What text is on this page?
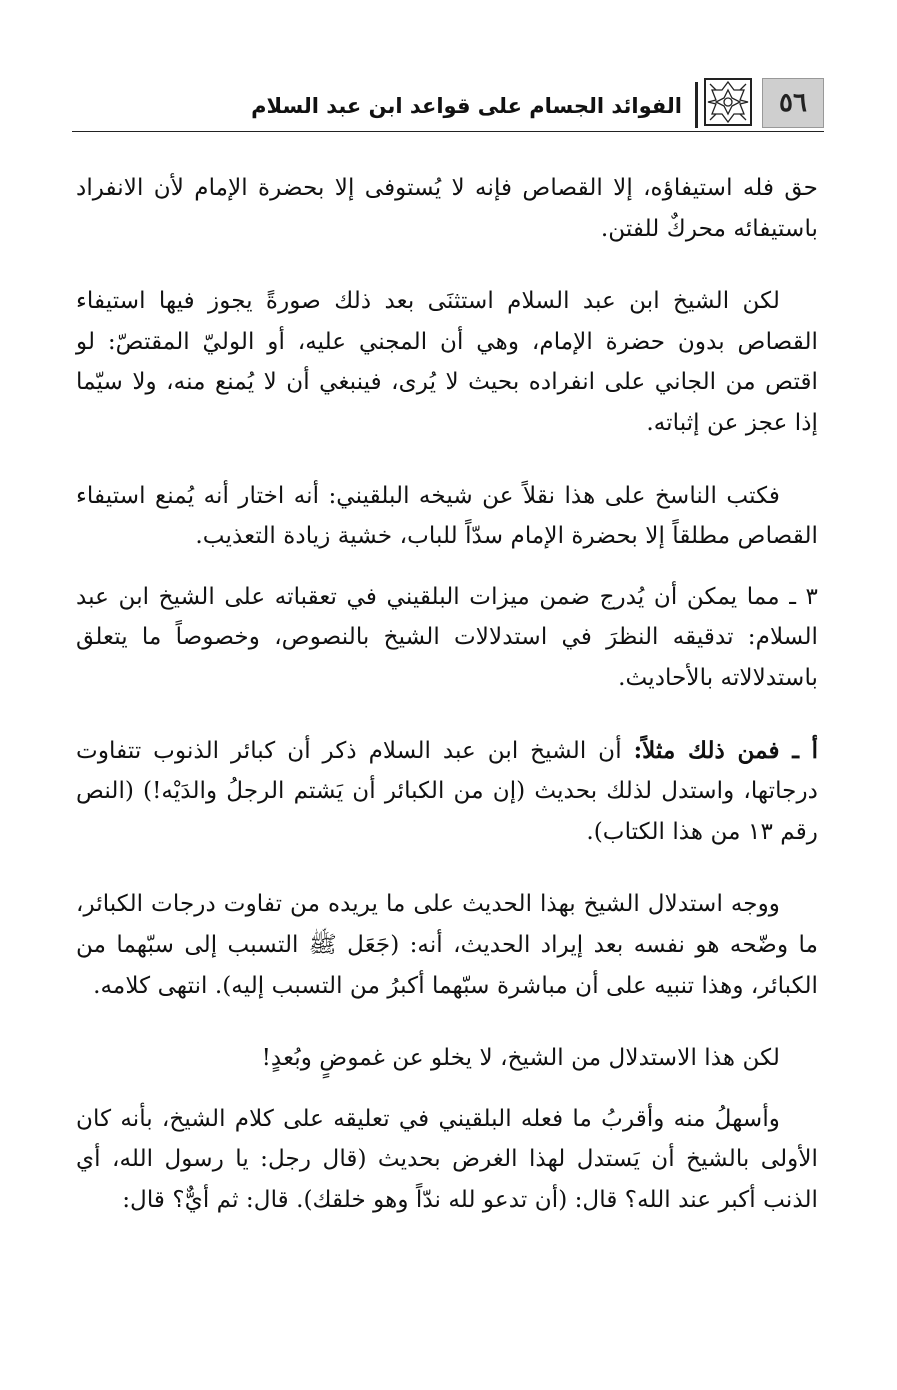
٥٦
الفوائد الجسام على قواعد ابن عبد السلام

حق فله استيفاؤه، إلا القصاص فإنه لا يُستوفى إلا بحضرة الإمام لأن الانفراد باستيفائه محركٌ للفتن.

لكن الشيخ ابن عبد السلام استثنَى بعد ذلك صورةً يجوز فيها استيفاء القصاص بدون حضرة الإمام، وهي أن المجني عليه، أو الوليّ المقتصّ: لو اقتص من الجاني على انفراده بحيث لا يُرى، فينبغي أن لا يُمنع منه، ولا سيّما إذا عجز عن إثباته.

فكتب الناسخ على هذا نقلاً عن شيخه البلقيني: أنه اختار أنه يُمنع استيفاء القصاص مطلقاً إلا بحضرة الإمام سدّاً للباب، خشية زيادة التعذيب.

٣ ـ مما يمكن أن يُدرج ضمن ميزات البلقيني في تعقباته على الشيخ ابن عبد السلام: تدقيقه النظرَ في استدلالات الشيخ بالنصوص، وخصوصاً ما يتعلق باستدلالاته بالأحاديث.

أ ـ فمن ذلك مثلاً: أن الشيخ ابن عبد السلام ذكر أن كبائر الذنوب تتفاوت درجاتها، واستدل لذلك بحديث (إن من الكبائر أن يَشتم الرجلُ والدَيْه!) (النص رقم ١٣ من هذا الكتاب).

ووجه استدلال الشيخ بهذا الحديث على ما يريده من تفاوت درجات الكبائر، ما وضّحه هو نفسه بعد إيراد الحديث، أنه: (جَعَل ﷺ التسبب إلى سبّهما من الكبائر، وهذا تنبيه على أن مباشرة سبّهما أكبرُ من التسبب إليه). انتهى كلامه.

لكن هذا الاستدلال من الشيخ، لا يخلو عن غموضٍ وبُعدٍ!

وأسهلُ منه وأقربُ ما فعله البلقيني في تعليقه على كلام الشيخ، بأنه كان الأولى بالشيخ أن يَستدل لهذا الغرض بحديث (قال رجل: يا رسول الله، أي الذنب أكبر عند الله؟ قال: (أن تدعو لله ندّاً وهو خلقك). قال: ثم أيٌّ؟ قال:
